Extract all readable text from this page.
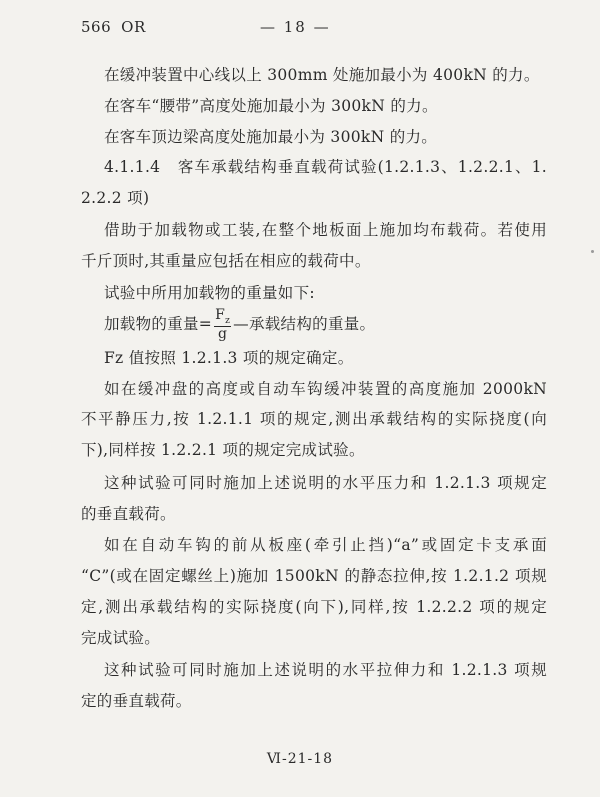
566 OR	— 18 —
在缓冲装置中心线以上 300mm 处施加最小为 400kN 的力。
在客车“腰带”高度处施加最小为 300kN 的力。
在客车顶边梁高度处施加最小为 300kN 的力。
4.1.1.4　客车承载结构垂直载荷试验(1.2.1.3、1.2.2.1、1.
2.2.2 项)
借助于加载物或工装,在整个地板面上施加均布载荷。若使用
千斤顶时,其重量应包括在相应的载荷中。
试验中所用加载物的重量如下:
加载物的重量= $\frac{F_z}{g}$ —承载结构的重量。
Fz 值按照 1.2.1.3 项的规定确定。
如在缓冲盘的高度或自动车钩缓冲装置的高度施加 2000kN
不平静压力,按 1.2.1.1 项的规定,测出承载结构的实际挠度(向
下),同样按 1.2.2.1 项的规定完成试验。
这种试验可同时施加上述说明的水平压力和 1.2.1.3 项规定
的垂直载荷。
如在自动车钩的前从板座(牵引止挡)“a”或固定卡支承面
“C”(或在固定螺丝上)施加 1500kN 的静态拉伸,按 1.2.1.2 项规
定,测出承载结构的实际挠度(向下),同样,按 1.2.2.2 项的规定
完成试验。
这种试验可同时施加上述说明的水平拉伸力和 1.2.1.3 项规
定的垂直载荷。
Ⅵ-21-18
